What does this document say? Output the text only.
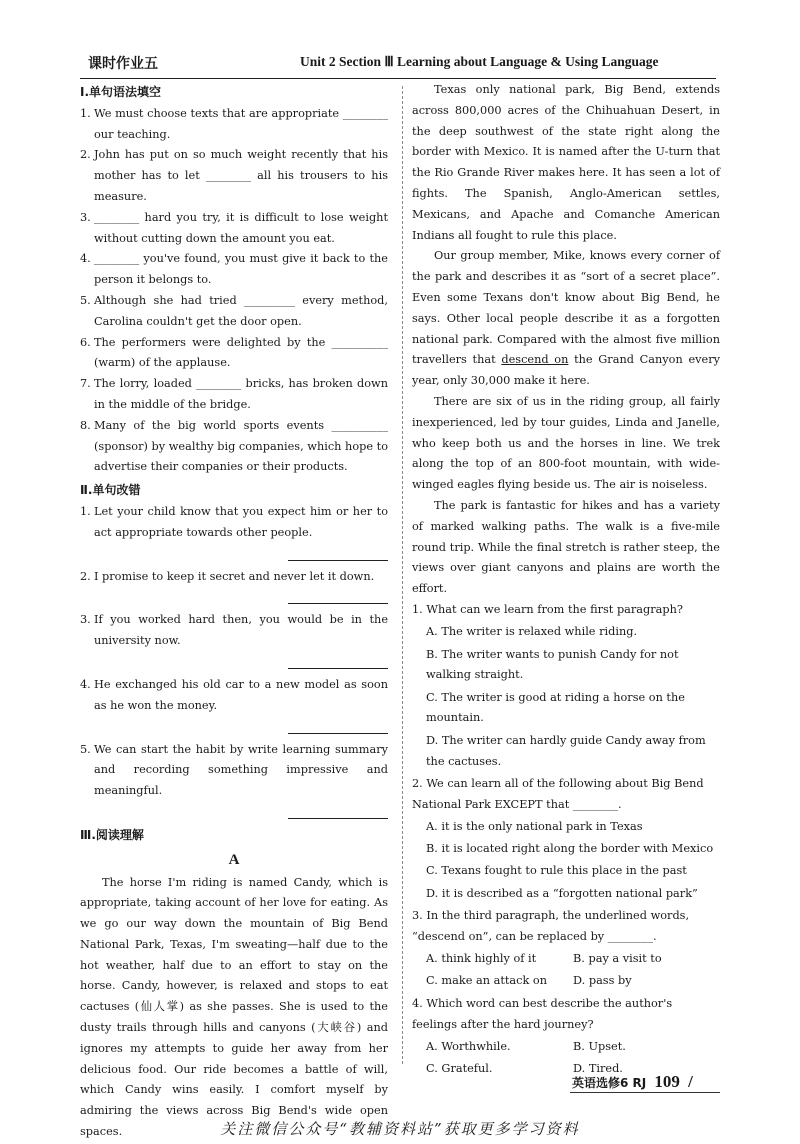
课时作业五	Unit 2 Section Ⅲ Learning about Language & Using Language
Ⅰ.单句语法填空
1. We must choose texts that are appropriate ________ our teaching.
2. John has put on so much weight recently that his mother has to let ________ all his trousers to his measure.
3. ________ hard you try, it is difficult to lose weight without cutting down the amount you eat.
4. ________ you've found, you must give it back to the person it belongs to.
5. Although she had tried _________ every method, Carolina couldn't get the door open.
6. The performers were delighted by the __________ (warm) of the applause.
7. The lorry, loaded ________ bricks, has broken down in the middle of the bridge.
8. Many of the big world sports events __________ (sponsor) by wealthy big companies, which hope to advertise their companies or their products.
Ⅱ.单句改错
1. Let your child know that you expect him or her to act appropriate towards other people.
2. I promise to keep it secret and never let it down.
3. If you worked hard then, you would be in the university now.
4. He exchanged his old car to a new model as soon as he won the money.
5. We can start the habit by write learning summary and recording something impressive and meaningful.
Ⅲ.阅读理解
A

The horse I'm riding is named Candy, which is appropriate, taking account of her love for eating. As we go our way down the mountain of Big Bend National Park, Texas, I'm sweating—half due to the hot weather, half due to an effort to stay on the horse. Candy, however, is relaxed and stops to eat cactuses (仙人掌) as she passes. She is used to the dusty trails through hills and canyons (大峡谷) and ignores my attempts to guide her away from her delicious food. Our ride becomes a battle of will, which Candy wins easily. I comfort myself by admiring the views across Big Bend's wide open spaces.

Texas only national park, Big Bend, extends across 800,000 acres of the Chihuahuan Desert, in the deep southwest of the state right along the border with Mexico. It is named after the U-turn that the Rio Grande River makes here. It has seen a lot of fights. The Spanish, Anglo-American settles, Mexicans, and Apache and Comanche American Indians all fought to rule this place.

Our group member, Mike, knows every corner of the park and describes it as “sort of a secret place”. Even some Texans don't know about Big Bend, he says. Other local people describe it as a forgotten national park. Compared with the almost five million travellers that descend on the Grand Canyon every year, only 30,000 make it here.

There are six of us in the riding group, all fairly inexperienced, led by tour guides, Linda and Janelle, who keep both us and the horses in line. We trek along the top of an 800-foot mountain, with wide-winged eagles flying beside us. The air is noiseless.

The park is fantastic for hikes and has a variety of marked walking paths. The walk is a five-mile round trip. While the final stretch is rather steep, the views over giant canyons and plains are worth the effort.

1. What can we learn from the first paragraph?
A. The writer is relaxed while riding.
B. The writer wants to punish Candy for not walking straight.
C. The writer is good at riding a horse on the mountain.
D. The writer can hardly guide Candy away from the cactuses.
2. We can learn all of the following about Big Bend National Park EXCEPT that ________.
A. it is the only national park in Texas
B. it is located right along the border with Mexico
C. Texans fought to rule this place in the past
D. it is described as a “forgotten national park”
3. In the third paragraph, the underlined words, “descend on”, can be replaced by ________.
A. think highly of it	B. pay a visit to
C. make an attack on	D. pass by
4. Which word can best describe the author's feelings after the hard journey?
A. Worthwhile.	B. Upset.
C. Grateful.	D. Tired.
英语选修6 RJ 109 /
关注微信公众号“教辅资料站”获取更多学习资料
